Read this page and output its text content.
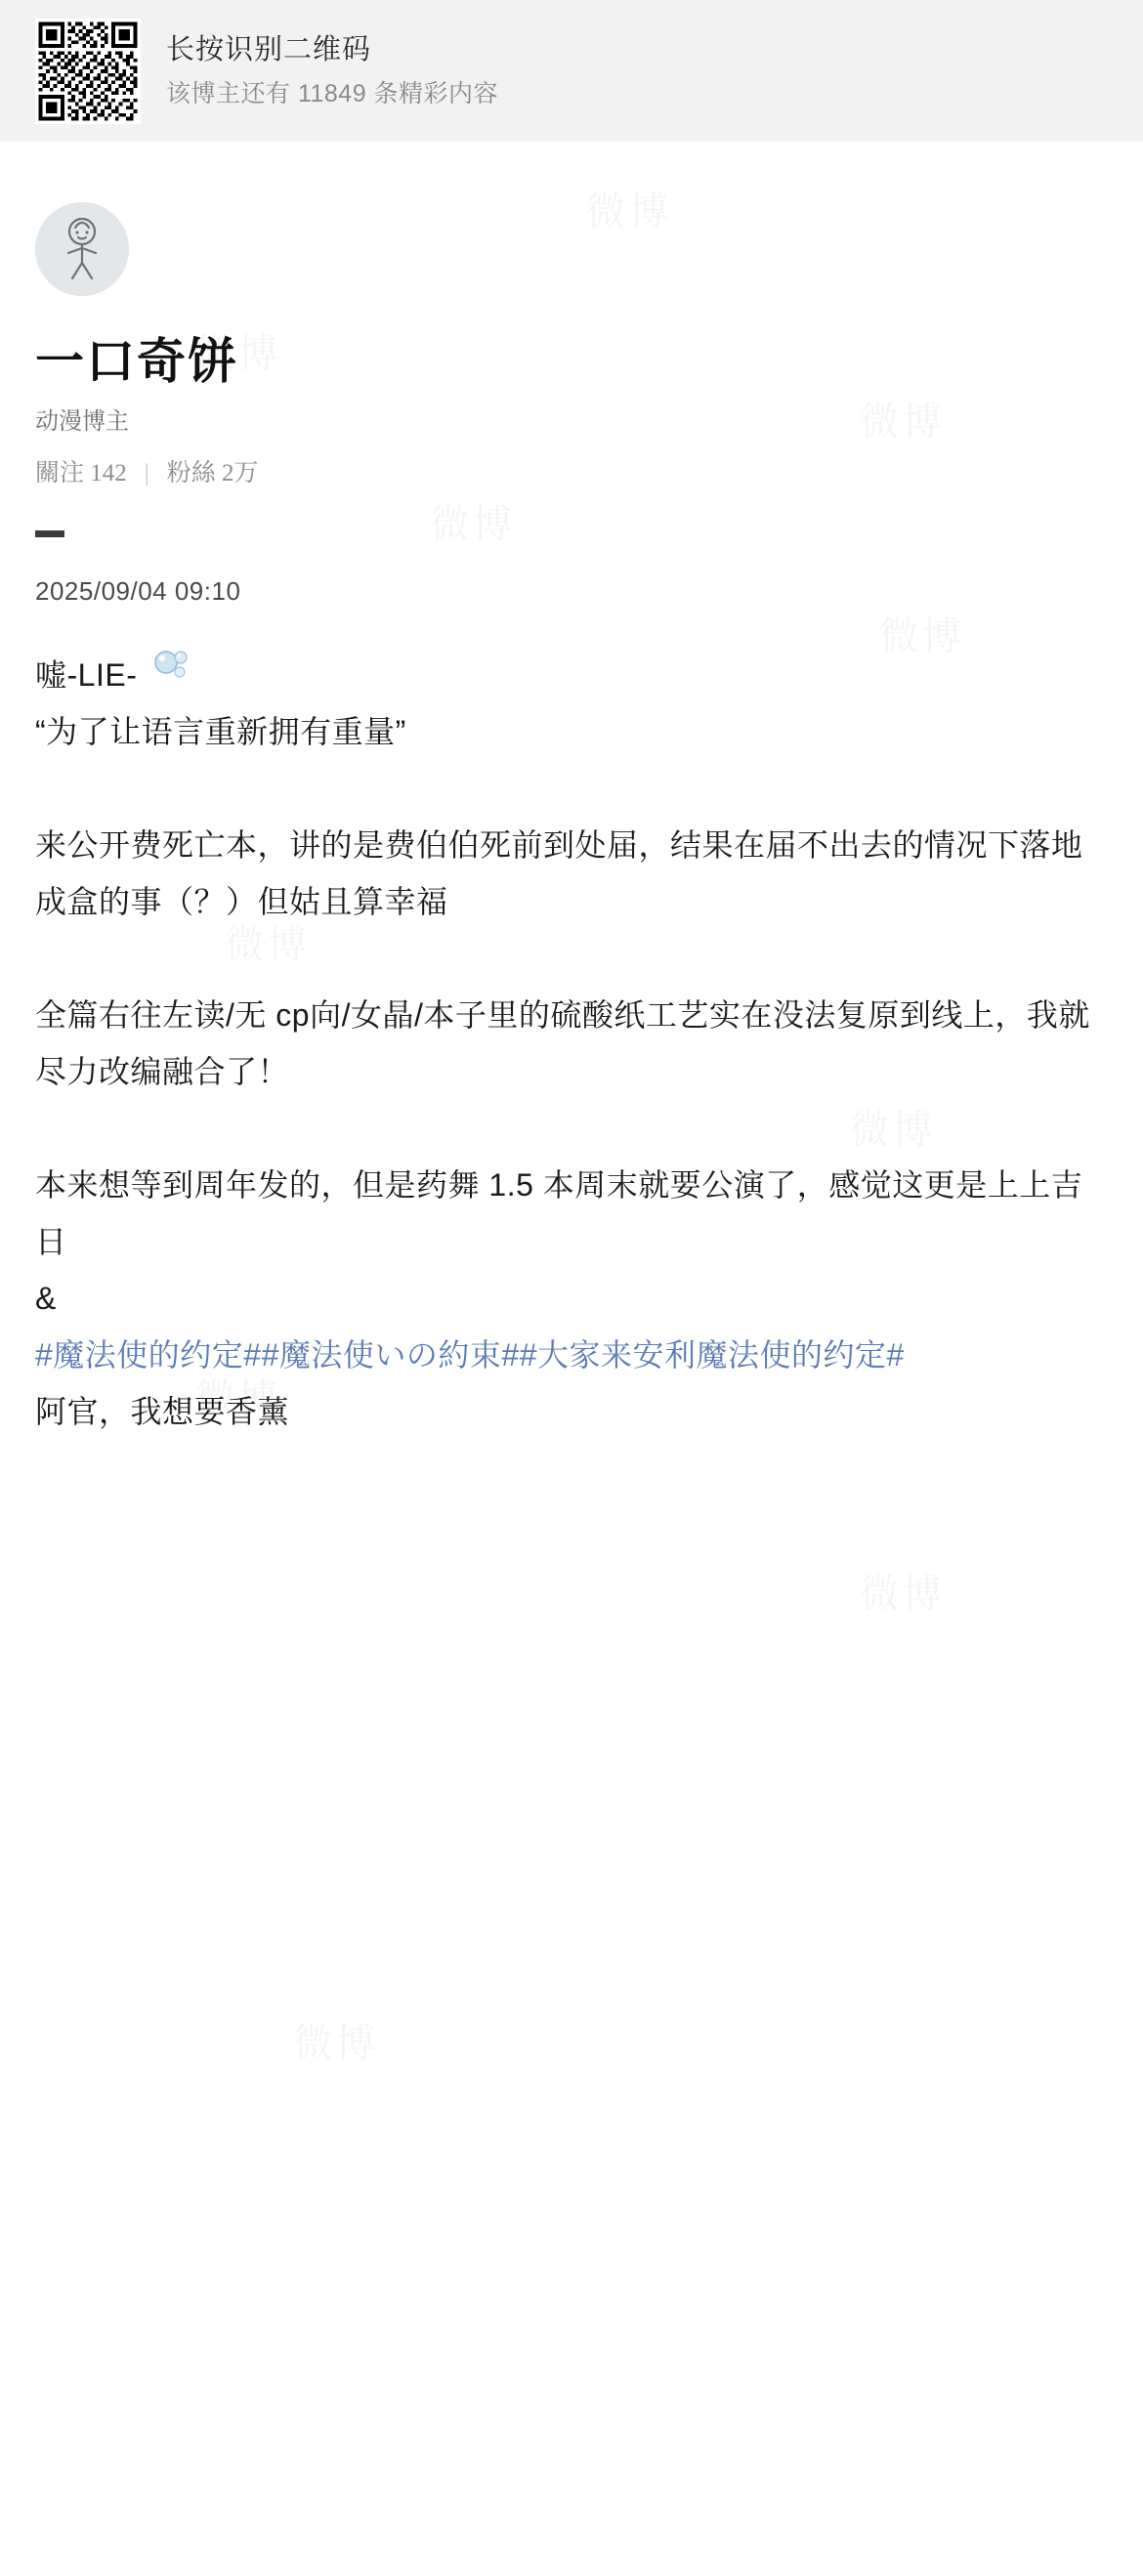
长按识别二维码
该博主还有 11849 条精彩内容
一口奇饼
动漫博主
關注 142 | 粉絲 2万
2025/09/04 09:10
嘘-LIE-
“为了让语言重新拥有重量”
来公开费死亡本，讲的是费伯伯死前到处届，结果在届不出去的情况下落地成盒的事（？）但姑且算幸福
全篇右往左读/无 cp向/女晶/本子里的硫酸纸工艺实在没法复原到线上，我就尽力改编融合了！
本来想等到周年发的，但是药舞 1.5 本周末就要公演了，感觉这更是上上吉日
&
#魔法使的约定##魔法使いの約束##大家来安利魔法使的约定#
阿官，我想要香薰
